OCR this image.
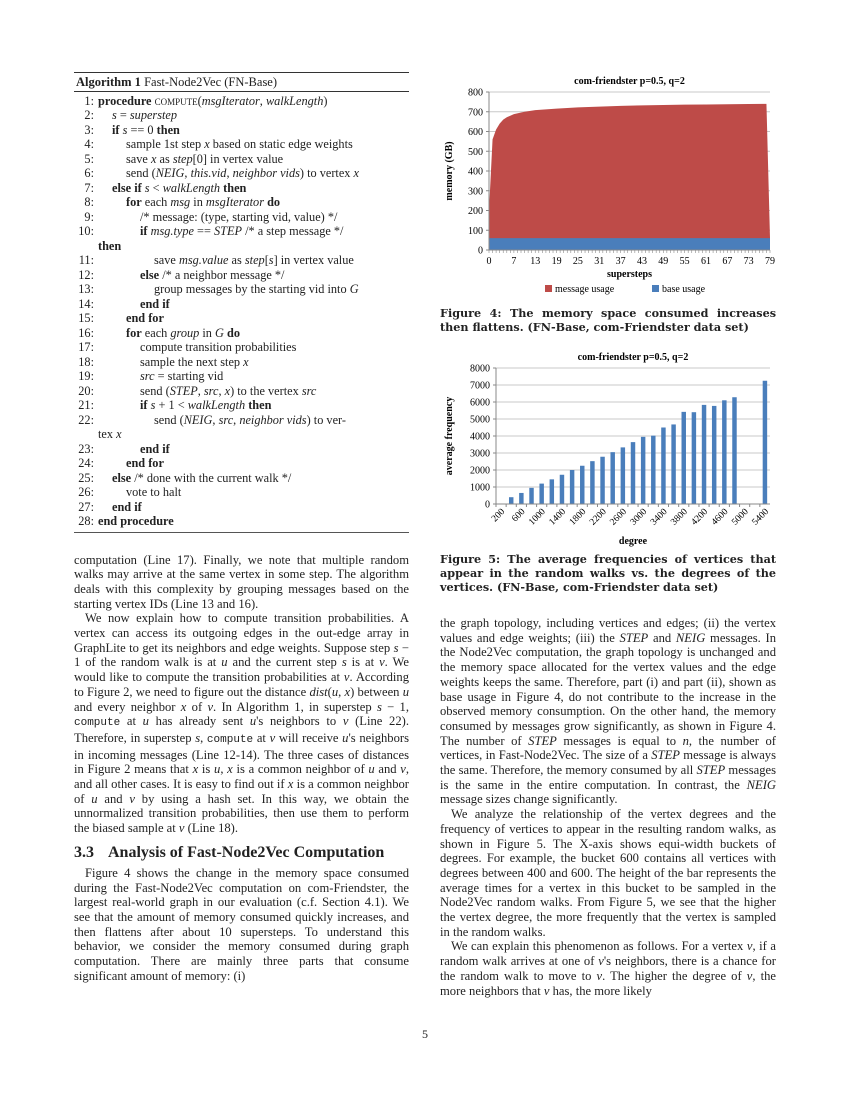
Algorithm 1 Fast-Node2Vec (FN-Base)
1: procedure compute(msgIterator, walkLength)
2:	s = superstep
3:	if s == 0 then
4:	sample 1st step x based on static edge weights
5:	save x as step[0] in vertex value
6:	send (NEIG, this.vid, neighbor vids) to vertex x
7:	else if s < walkLength then
8:	for each msg in msgIterator do
9:	/* message: (type, starting vid, value) */
10:	if msg.type == STEP /* a step message */
then
11:	save msg.value as step[s] in vertex value
12:	else /* a neighbor message */
13:	group messages by the starting vid into G
14:	end if
15:	end for
16:	for each group in G do
17:	compute transition probabilities
18:	sample the next step x
19:	src = starting vid
20:	send (STEP, src, x) to the vertex src
21:	if s + 1 < walkLength then
22:	send (NEIG, src, neighbor vids) to ver-
tex x
23:	end if
24:	end for
25:	else /* done with the current walk */
26:	vote to halt
27:	end if
28: end procedure

computation (Line 17). Finally, we note that multiple random walks may arrive at the same vertex in some step. The algorithm deals with this complexity by grouping messages based on the starting vertex IDs (Line 13 and 16).

We now explain how to compute transition probabilities. A vertex can access its outgoing edges in the out-edge array in GraphLite to get its neighbors and edge weights. Suppose step s − 1 of the random walk is at u and the current step s is at v. We would like to compute the transition probabilities at v. According to Figure 2, we need to figure out the distance dist(u, x) between u and every neighbor x of v. In Algorithm 1, in superstep s − 1, compute at u has already sent u's neighbors to v (Line 22). Therefore, in superstep s, compute at v will receive u's neighbors in incoming messages (Line 12-14). The three cases of distances in Figure 2 means that x is u, x is a common neighbor of u and v, and all other cases. It is easy to find out if x is a common neighbor of u and v by using a hash set. In this way, we obtain the unnormalized transition probabilities, then use them to perform the biased sample at v (Line 18).

3.3 Analysis of Fast-Node2Vec Computation

Figure 4 shows the change in the memory space consumed during the Fast-Node2Vec computation on com-Friendster, the largest real-world graph in our evaluation (c.f. Section 4.1). We see that the amount of memory consumed quickly increases, and then flattens after about 10 supersteps. To understand this behavior, we consider the memory consumed during graph computation. There are mainly three parts that consume significant amount of memory: (i)

com-friendster p=0.5, q=2
0
100
200
300
400
500
600
700
800
0 7 13 19 25 31 37 43 49 55 61 67 73 79
supersteps
memory (GB)
message usage	base usage

Figure 4: The memory space consumed increases then flattens. (FN-Base, com-Friendster data set)

com-friendster p=0.5, q=2
0
1000
2000
3000
4000
5000
6000
7000
8000
200 600 1000 1400 1800 2200 2600 3000 3400 3800 4200 4600 5000 5400
degree
average frequency

Figure 5: The average frequencies of vertices that appear in the random walks vs. the degrees of the vertices. (FN-Base, com-Friendster data set)

the graph topology, including vertices and edges; (ii) the vertex values and edge weights; (iii) the STEP and NEIG messages. In the Node2Vec computation, the graph topology is unchanged and the memory space allocated for the vertex values and the edge weights keeps the same. Therefore, part (i) and part (ii), shown as base usage in Figure 4, do not contribute to the increase in the observed memory consumption. On the other hand, the memory consumed by messages grow significantly, as shown in Figure 4. The number of STEP messages is equal to n, the number of vertices, in Fast-Node2Vec. The size of a STEP message is always the same. Therefore, the memory consumed by all STEP messages is the same in the entire computation. In contrast, the NEIG message sizes change significantly.

We analyze the relationship of the vertex degrees and the frequency of vertices to appear in the resulting random walks, as shown in Figure 5. The X-axis shows equi-width buckets of degrees. For example, the bucket 600 contains all vertices with degrees between 400 and 600. The height of the bar represents the average times for a vertex in this bucket to be sampled in the Node2Vec random walks. From Figure 5, we see that the higher the vertex degree, the more frequently that the vertex is sampled in the random walks.

We can explain this phenomenon as follows. For a vertex v, if a random walk arrives at one of v's neighbors, there is a chance for the random walk to move to v. The higher the degree of v, the more neighbors that v has, the more likely

5
